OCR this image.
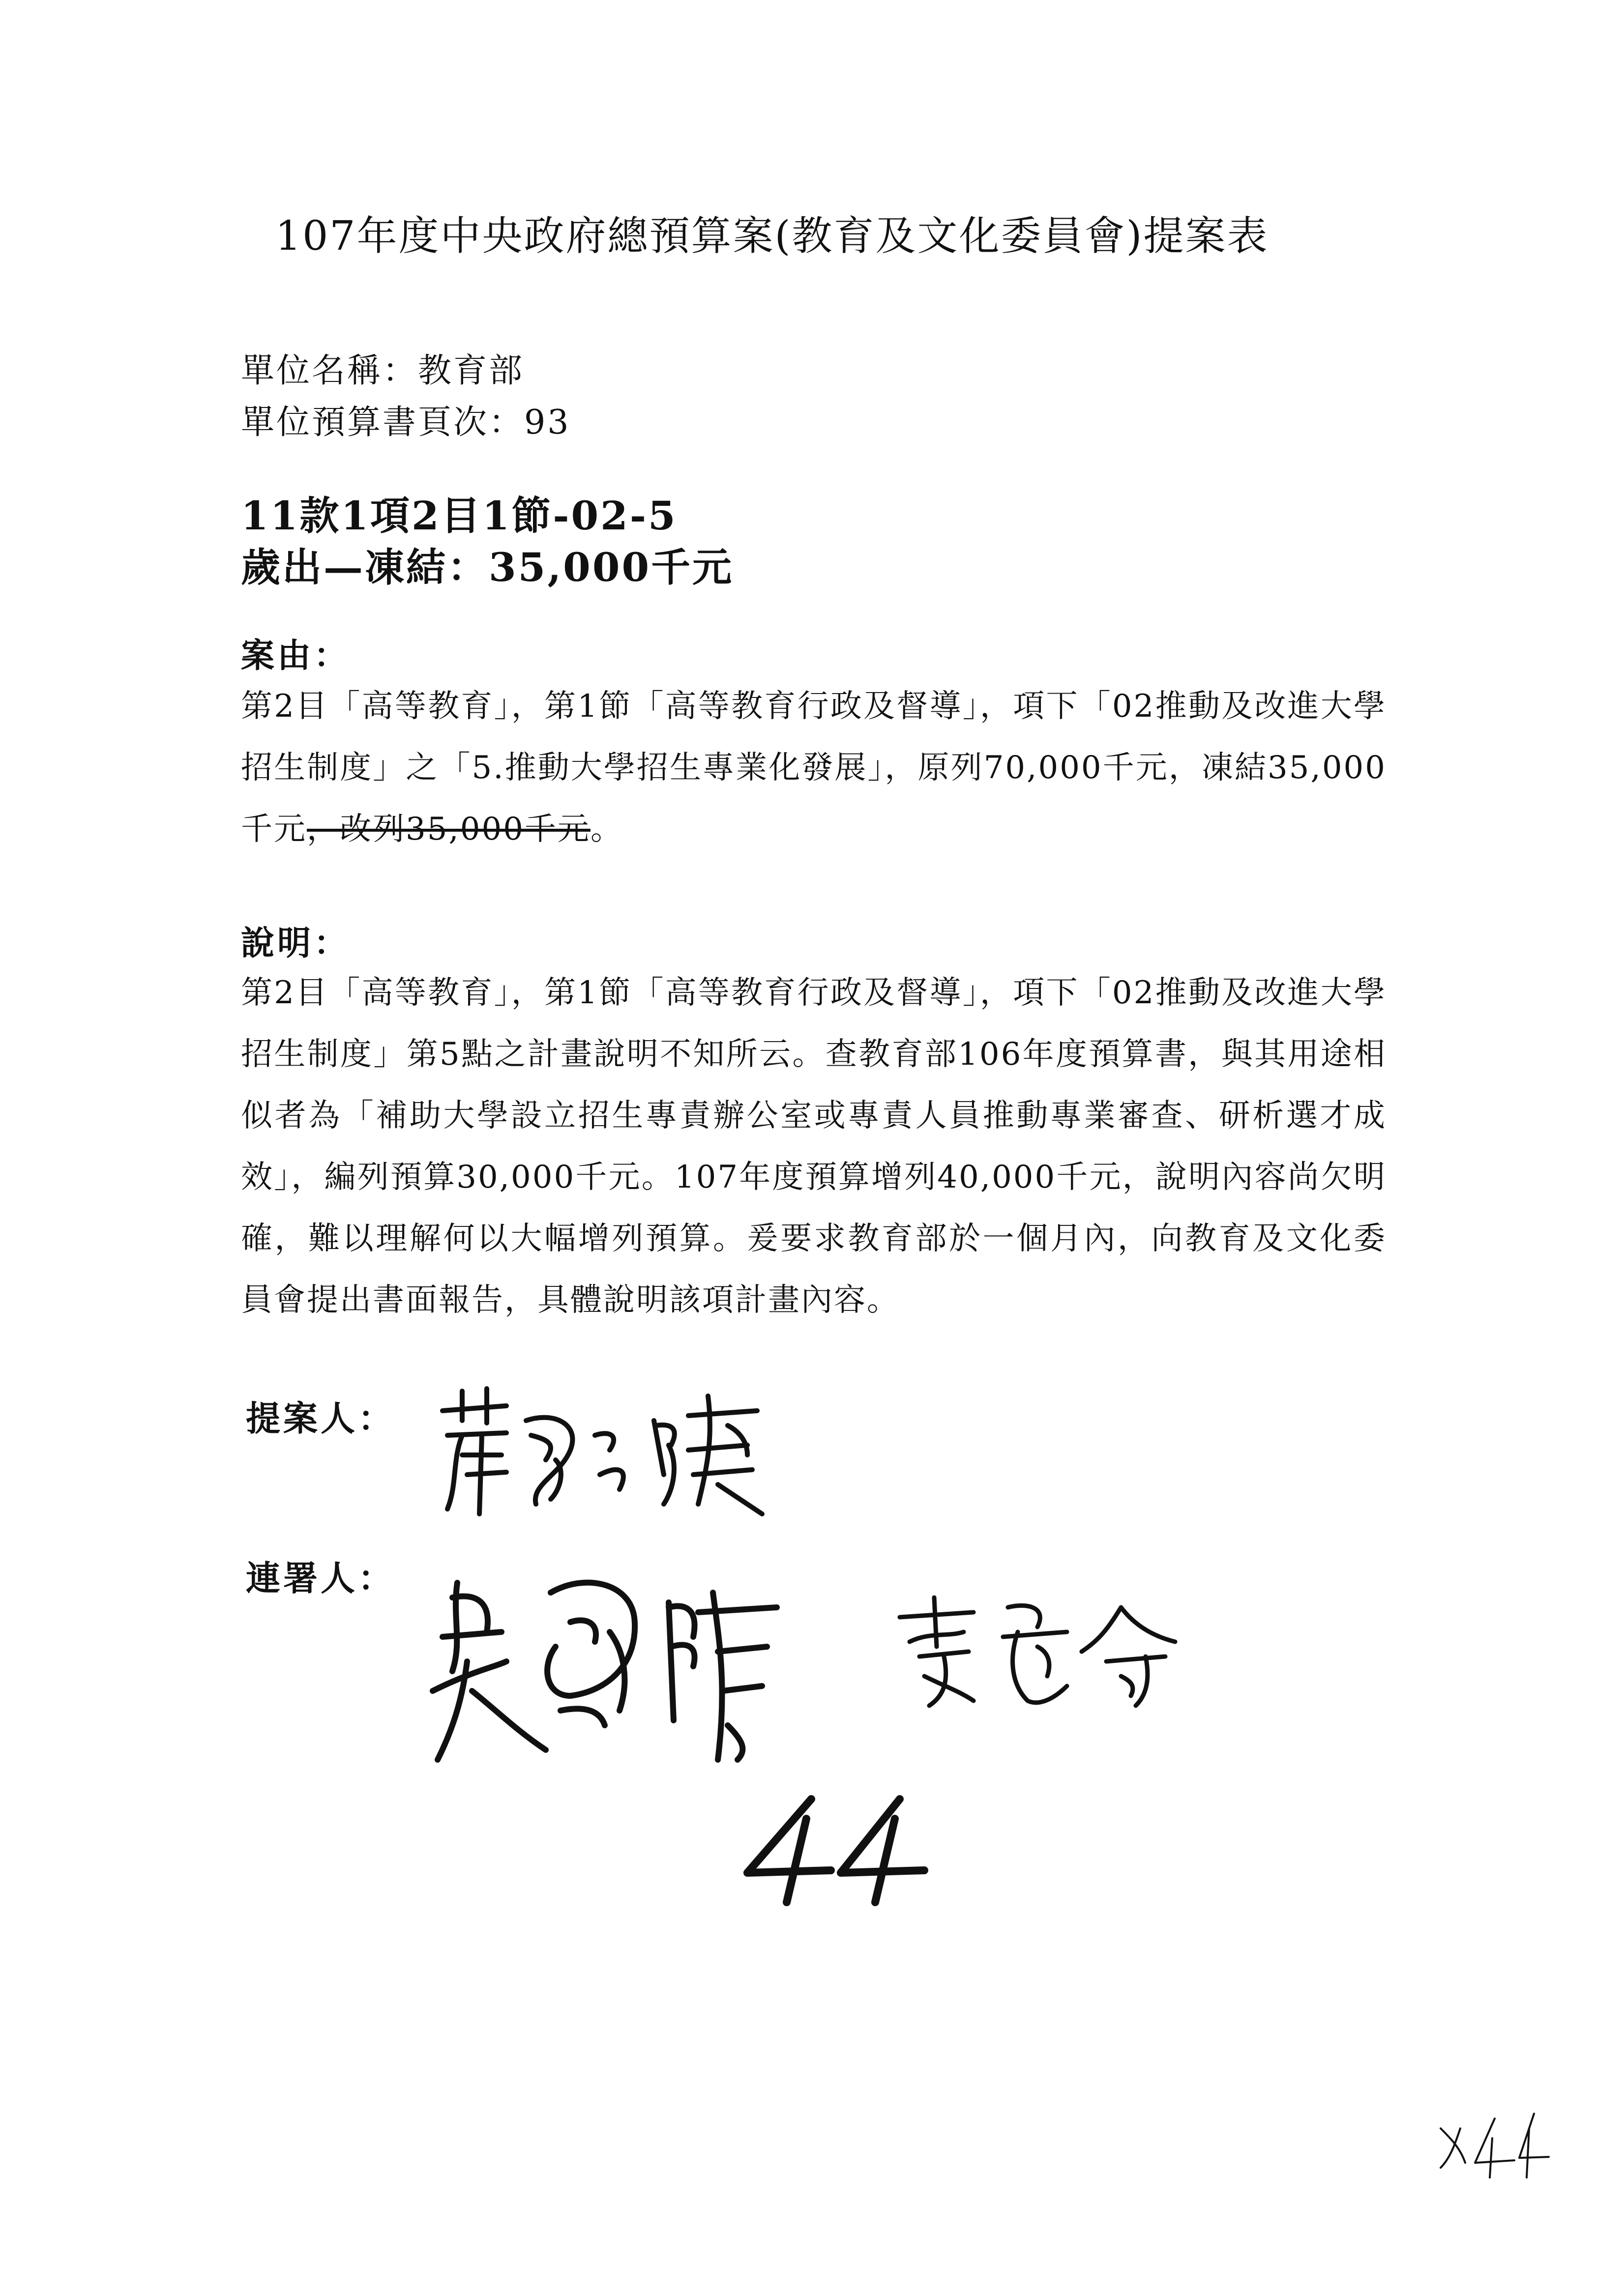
107年度中央政府總預算案(教育及文化委員會)提案表
單位名稱：教育部
單位預算書頁次：93
11款1項2目1節-02-5
歲出—凍結：35,000千元
案由：
第2目「高等教育」，第1節「高等教育行政及督導」，項下「02推動及改進大學招生制度」之「5.推動大學招生專業化發展」，原列70,000千元，凍結35,000千元，改列35,000千元。
說明：
第2目「高等教育」，第1節「高等教育行政及督導」，項下「02推動及改進大學招生制度」第5點之計畫說明不知所云。查教育部106年度預算書，與其用途相似者為「補助大學設立招生專責辦公室或專責人員推動專業審查、研析選才成效」，編列預算30,000千元。107年度預算增列40,000千元，說明內容尚欠明確，難以理解何以大幅增列預算。爰要求教育部於一個月內，向教育及文化委員會提出書面報告，具體說明該項計畫內容。
提案人：
連署人：
